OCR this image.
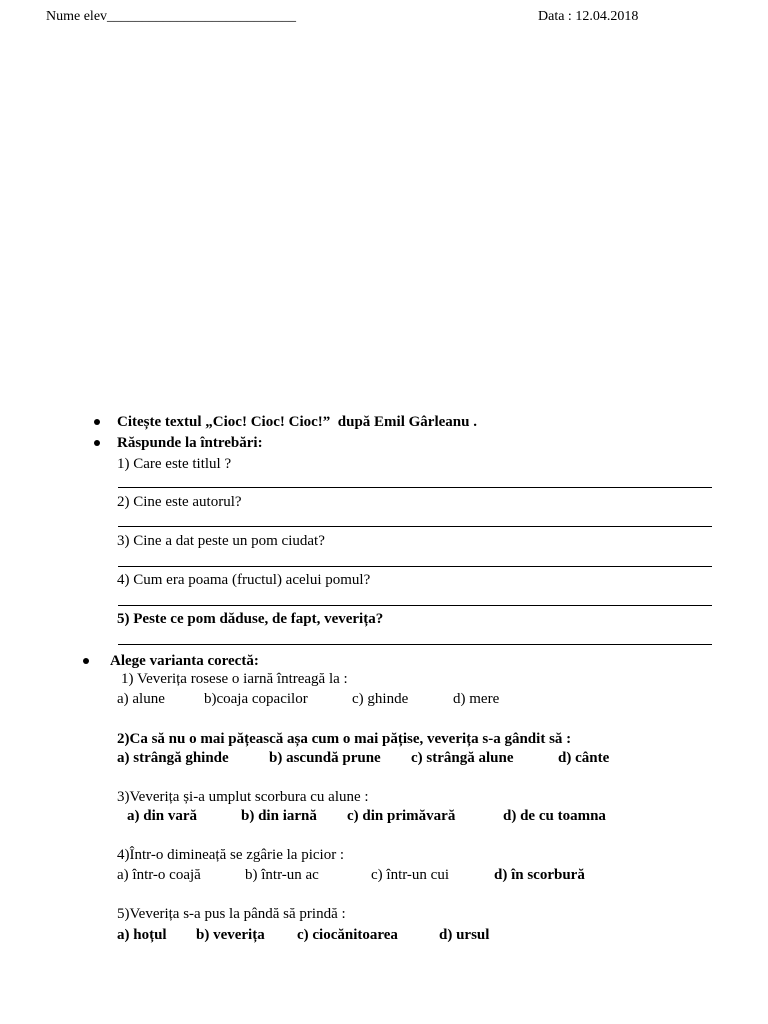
Nume elev___________________________	Data : 12.04.2018
Citește textul „Cioc! Cioc! Cioc!”  după Emil Gârleanu .
Răspunde la întrebări:
1) Care este titlul ?
2) Cine este autorul?
3) Cine a dat peste un pom ciudat?
4) Cum era poama (fructul) acelui pomul?
5) Peste ce pom dăduse, de fapt, veverița?
Alege varianta corectă:
1) Veverița rosese o iarnă întreagă la :
a) alune	b)coaja copacilor	c) ghinde	d) mere
2)Ca să nu o mai pățească așa cum o mai pățise, veverița s-a gândit să :
a) strângă ghinde	b) ascundă prune c) strângă alune	d) cânte
3)Veverița și-a umplut scorbura cu alune :
a) din vară	b) din iarnă c) din primăvară	d) de cu toamna
4)Într-o dimineață se zgârie la picior :
a) într-o coajă	b) într-un ac	c) într-un cui	d) în scorbură
5)Veverița s-a pus la pândă să prindă :
a) hoțul b) veverița c) ciocănitoarea	d) ursul
